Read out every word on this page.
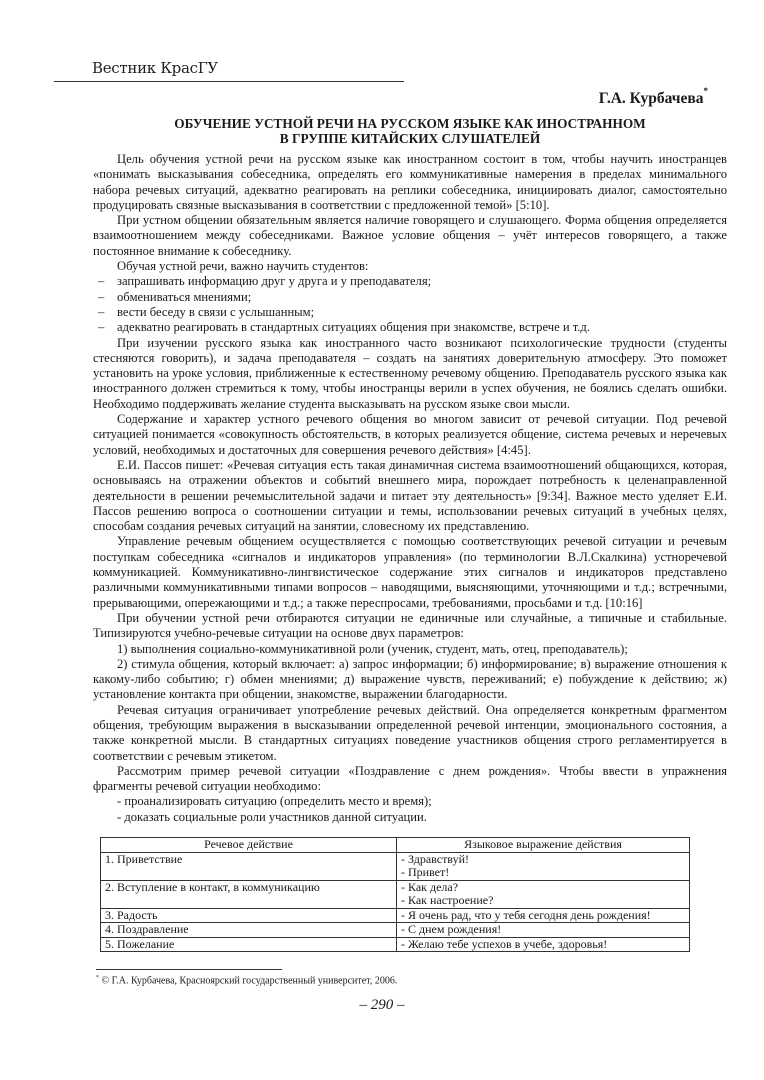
Вестник КрасГУ
Г.А. Курбачева*
ОБУЧЕНИЕ УСТНОЙ РЕЧИ НА РУССКОМ ЯЗЫКЕ КАК ИНОСТРАННОМ
В ГРУППЕ КИТАЙСКИХ СЛУШАТЕЛЕЙ

Цель обучения устной речи на русском языке как иностранном состоит в том, чтобы научить иностранцев «понимать высказывания собеседника, определять его коммуникативные намерения в пределах минимального набора речевых ситуаций, адекватно реагировать на реплики собеседника, инициировать диалог, самостоятельно продуцировать связные высказывания в соответствии с предложенной темой» [5:10].

При устном общении обязательным является наличие говорящего и слушающего. Форма общения определяется взаимоотношением между собеседниками. Важное условие общения – учёт интересов говорящего, а также постоянное внимание к собеседнику.

Обучая устной речи, важно научить студентов:

– запрашивать информацию друг у друга и у преподавателя;

– обмениваться мнениями;

– вести беседу в связи с услышанным;

– адекватно реагировать в стандартных ситуациях общения при знакомстве, встрече и т.д.

При изучении русского языка как иностранного часто возникают психологические трудности (студенты стесняются говорить), и задача преподавателя – создать на занятиях доверительную атмосферу. Это поможет установить на уроке условия, приближенные к естественному речевому общению. Преподаватель русского языка как иностранного должен стремиться к тому, чтобы иностранцы верили в успех обучения, не боялись сделать ошибки. Необходимо поддерживать желание студента высказывать на русском языке свои мысли.

Содержание и характер устного речевого общения во многом зависит от речевой ситуации. Под речевой ситуацией понимается «совокупность обстоятельств, в которых реализуется общение, система речевых и неречевых условий, необходимых и достаточных для совершения речевого действия» [4:45].

Е.И. Пассов пишет: «Речевая ситуация есть такая динамичная система взаимоотношений общающихся, которая, основываясь на отражении объектов и событий внешнего мира, порождает потребность к целенаправленной деятельности в решении речемыслительной задачи и питает эту деятельность» [9:34]. Важное место уделяет Е.И. Пассов решению вопроса о соотношении ситуации и темы, использовании речевых ситуаций в учебных целях, способам создания речевых ситуаций на занятии, словесному их представлению.

Управление речевым общением осуществляется с помощью соответствующих речевой ситуации и речевым поступкам собеседника «сигналов и индикаторов управления» (по терминологии В.Л.Скалкина) устноречевой коммуникацией. Коммуникативно-лингвистическое содержание этих сигналов и индикаторов представлено различными коммуникативными типами вопросов – наводящими, выясняющими, уточняющими и т.д.; встречными, прерывающими, опережающими и т.д.; а также переспросами, требованиями, просьбами и т.д. [10:16]

При обучении устной речи отбираются ситуации не единичные или случайные, а типичные и стабильные. Типизируются учебно-речевые ситуации на основе двух параметров:

1) выполнения социально-коммуникативной роли (ученик, студент, мать, отец, преподаватель);

2) стимула общения, который включает: а) запрос информации; б) информирование; в) выражение отношения к какому-либо событию; г) обмен мнениями; д) выражение чувств, переживаний; е) побуждение к действию; ж) установление контакта при общении, знакомстве, выражении благодарности.

Речевая ситуация ограничивает употребление речевых действий. Она определяется конкретным фрагментом общения, требующим выражения в высказывании определенной речевой интенции, эмоционального состояния, а также конкретной мысли. В стандартных ситуациях поведение участников общения строго регламентируется в соответствии с речевым этикетом.

Рассмотрим пример речевой ситуации «Поздравление с днем рождения». Чтобы ввести в упражнения фрагменты речевой ситуации необходимо:

- проанализировать ситуацию (определить место и время);

- доказать социальные роли участников данной ситуации.

Речевое действие	Языковое выражение действия
1. Приветствие	- Здравствуй!
- Привет!

2. Вступление в контакт, в коммуникацию	- Как дела?
- Как настроение?

3. Радость	- Я очень рад, что у тебя сегодня день рождения!
4. Поздравление	- С днем рождения!
5. Пожелание	- Желаю тебе успехов в учебе, здоровья!
* © Г.А. Курбачева, Красноярский государственный университет, 2006.
– 290 –
